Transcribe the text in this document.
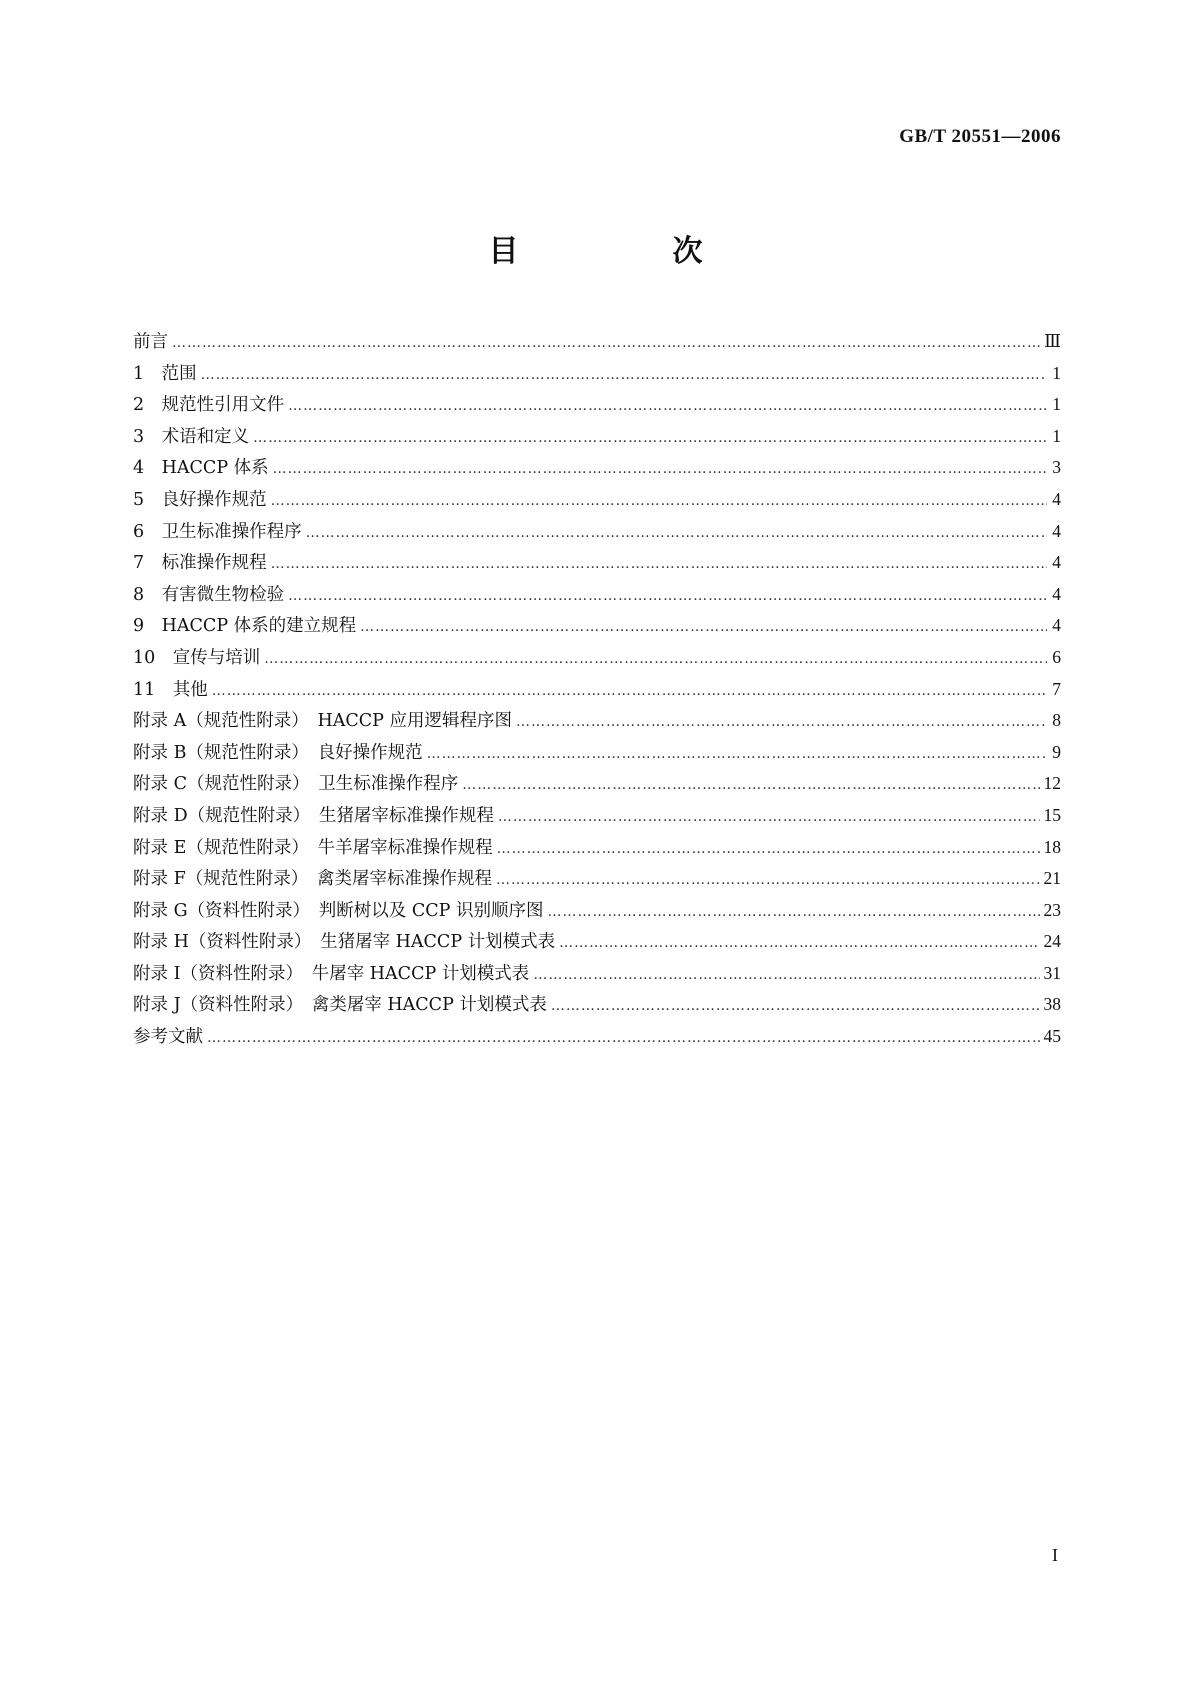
GB/T 20551—2006
目　次
前言 ……………………………………………………………………………………………………………………………………………………………………………………………………………………	Ⅲ
1　范围 ……………………………………………………………………………………………………………………………………………………………………………………………………………………	1
2　规范性引用文件 ……………………………………………………………………………………………………………………………………………………………………………………………………………………	1
3　术语和定义 ……………………………………………………………………………………………………………………………………………………………………………………………………………………	1
4　HACCP 体系 ……………………………………………………………………………………………………………………………………………………………………………………………………………………	3
5　良好操作规范 ……………………………………………………………………………………………………………………………………………………………………………………………………………………	4
6　卫生标准操作程序 ……………………………………………………………………………………………………………………………………………………………………………………………………………………	4
7　标准操作规程 ……………………………………………………………………………………………………………………………………………………………………………………………………………………	4
8　有害微生物检验 ……………………………………………………………………………………………………………………………………………………………………………………………………………………	4
9　HACCP 体系的建立规程 ……………………………………………………………………………………………………………………………………………………………………………………………………………………	4
10　宣传与培训 ……………………………………………………………………………………………………………………………………………………………………………………………………………………	6
11　其他 ……………………………………………………………………………………………………………………………………………………………………………………………………………………	7
附录 A（规范性附录）　HACCP 应用逻辑程序图 ……………………………………………………………………………………………………………………………………………………………………………………………………………………	8
附录 B（规范性附录）　良好操作规范 ……………………………………………………………………………………………………………………………………………………………………………………………………………………	9
附录 C（规范性附录）　卫生标准操作程序 ……………………………………………………………………………………………………………………………………………………………………………………………………………………	12
附录 D（规范性附录）　生猪屠宰标准操作规程 ……………………………………………………………………………………………………………………………………………………………………………………………………………………	15
附录 E（规范性附录）　牛羊屠宰标准操作规程 ……………………………………………………………………………………………………………………………………………………………………………………………………………………	18
附录 F（规范性附录）　禽类屠宰标准操作规程 ……………………………………………………………………………………………………………………………………………………………………………………………………………………	21
附录 G（资料性附录）　判断树以及 CCP 识别顺序图 ……………………………………………………………………………………………………………………………………………………………………………………………………………………	23
附录 H（资料性附录）　生猪屠宰 HACCP 计划模式表 ……………………………………………………………………………………………………………………………………………………………………………………………………………………	24
附录 I（资料性附录）　牛屠宰 HACCP 计划模式表 ……………………………………………………………………………………………………………………………………………………………………………………………………………………	31
附录 J（资料性附录）　禽类屠宰 HACCP 计划模式表 ……………………………………………………………………………………………………………………………………………………………………………………………………………………	38
参考文献 ……………………………………………………………………………………………………………………………………………………………………………………………………………………	45
I
